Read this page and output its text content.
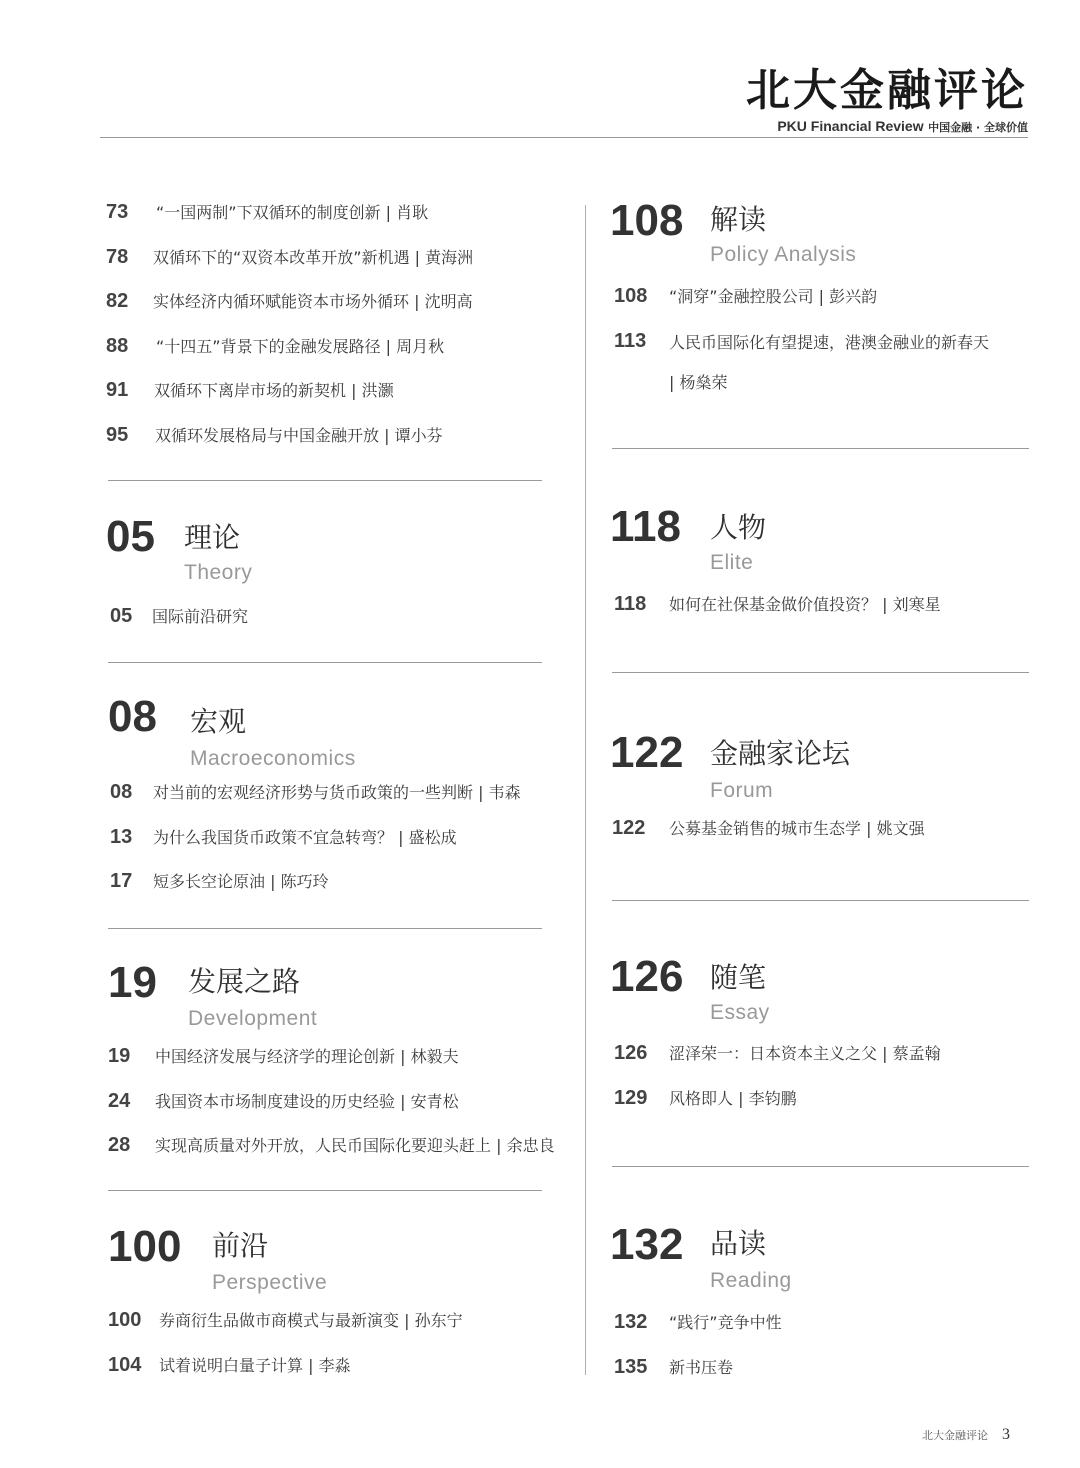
北大金融评论
PKU Financial Review 中国金融 · 全球价值
73 “一国两制”下双循环的制度创新 | 肖耿
78 双循环下的“双资本改革开放”新机遇 | 黄海洲
82 实体经济内循环赋能资本市场外循环 | 沈明高
88 “十四五”背景下的金融发展路径 | 周月秋
91 双循环下离岸市场的新契机 | 洪灏
95 双循环发展格局与中国金融开放 | 谭小芬
05 理论
Theory
05 国际前沿研究
08 宏观
Macroeconomics
08 对当前的宏观经济形势与货币政策的一些判断 | 韦森
13 为什么我国货币政策不宜急转弯？ | 盛松成
17 短多长空论原油 | 陈巧玲
19 发展之路
Development
19 中国经济发展与经济学的理论创新 | 林毅夫
24 我国资本市场制度建设的历史经验 | 安青松
28 实现高质量对外开放，人民币国际化要迎头赶上 | 余忠良
100 前沿
Perspective
100 券商衍生品做市商模式与最新演变 | 孙东宁
104 试着说明白量子计算 | 李淼
108 解读
Policy Analysis
108 “洞穿”金融控股公司 | 彭兴韵
113 人民币国际化有望提速，港澳金融业的新春天 | 杨燊荣
118 人物
Elite
118 如何在社保基金做价值投资？ | 刘寒星
122 金融家论坛
Forum
122 公募基金销售的城市生态学 | 姚文强
126 随笔
Essay
126 涩泽荣一：日本资本主义之父 | 蔡孟翰
129 风格即人 | 李钧鹏
132 品读
Reading
132 “践行”竞争中性
135 新书压卷
北大金融评论 3
